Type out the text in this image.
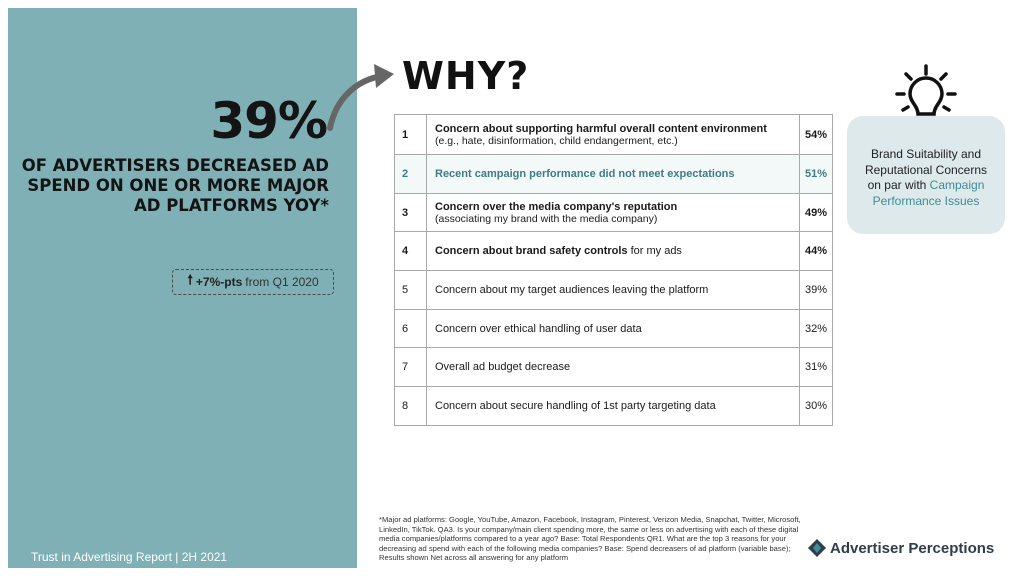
39%
OF ADVERTISERS DECREASED AD SPEND ON ONE OR MORE MAJOR AD PLATFORMS YOY*
🠕 +7%-pts from Q1 2020
Trust in Advertising Report | 2H 2021
WHY?
1	Concern about supporting harmful overall content environment
(e.g., hate, disinformation, child endangerment, etc.)	54%
2	Recent campaign performance did not meet expectations	51%
3	Concern over the media company's reputation
(associating my brand with the media company)	49%
4	Concern about brand safety controls for my ads	44%
5	Concern about my target audiences leaving the platform	39%
6	Concern over ethical handling of user data	32%
7	Overall ad budget decrease	31%
8	Concern about secure handling of 1st party targeting data	30%
Brand Suitability and Reputational Concerns on par with Campaign Performance Issues
*Major ad platforms: Google, YouTube, Amazon, Facebook, Instagram, Pinterest, Verizon Media, Snapchat, Twitter, Microsoft, LinkedIn, TikTok. QA3. Is your company/main client spending more, the same or less on advertising with each of these digital media companies/platforms compared to a year ago? Base: Total Respondents QR1. What are the top 3 reasons for your decreasing ad spend with each of the following media companies? Base: Spend decreasers of ad platform (variable base); Results shown Net across all answering for any platform
Advertiser Perceptions
